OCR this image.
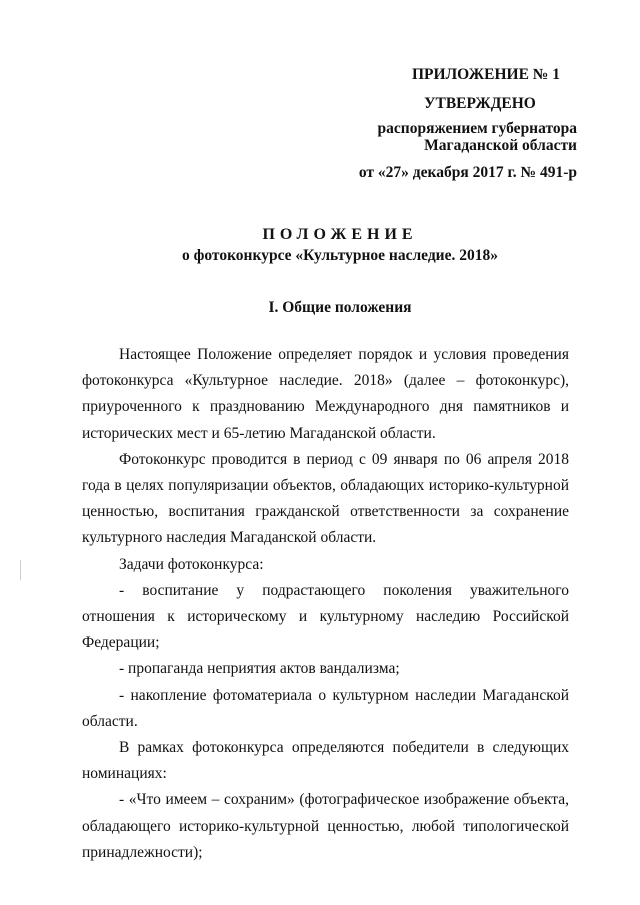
ПРИЛОЖЕНИЕ № 1
УТВЕРЖДЕНО
распоряжением губернатора
Магаданской области
от «27» декабря 2017 г. № 491-р
ПОЛОЖЕНИЕ
о фотоконкурсе «Культурное наследие. 2018»
I. Общие положения

Настоящее Положение определяет порядок и условия проведения фотоконкурса «Культурное наследие. 2018» (далее – фотоконкурс), приуроченного к празднованию Международного дня памятников и исторических мест и 65-летию Магаданской области.

Фотоконкурс проводится в период с 09 января по 06 апреля 2018 года в целях популяризации объектов, обладающих историко-культурной ценностью, воспитания гражданской ответственности за сохранение культурного наследия Магаданской области.

Задачи фотоконкурса:

- воспитание у подрастающего поколения уважительного отношения к историческому и культурному наследию Российской Федерации;

- пропаганда неприятия актов вандализма;

- накопление фотоматериала о культурном наследии Магаданской области.

В рамках фотоконкурса определяются победители в следующих номинациях:

- «Что имеем – сохраним» (фотографическое изображение объекта, обладающего историко-культурной ценностью, любой типологической принадлежности);
